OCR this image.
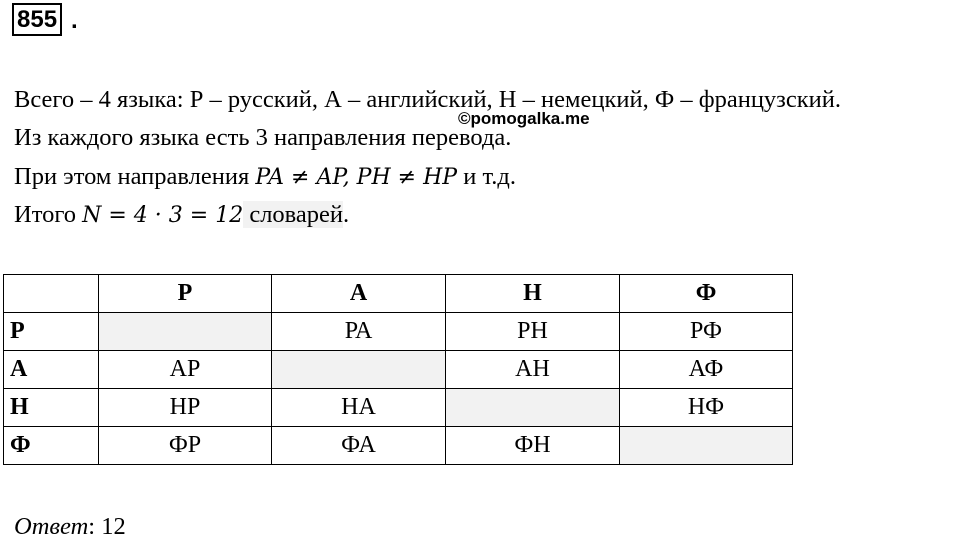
855 .
Всего – 4 языка: Р – русский, А – английский, Н – немецкий, Ф – французский.
Из каждого языка есть 3 направления перевода.
При этом направления PA ≠ AP, PH ≠ HP и т.д.
Итого N = 4 · 3 = 12 словарей.
©pomogalka.me
	Р	А	Н	Ф
Р		РА	РН	РФ
А	АР		АН	АФ
Н	НР	НА		НФ
Ф	ФР	ФА	ФН	
Ответ: 12
